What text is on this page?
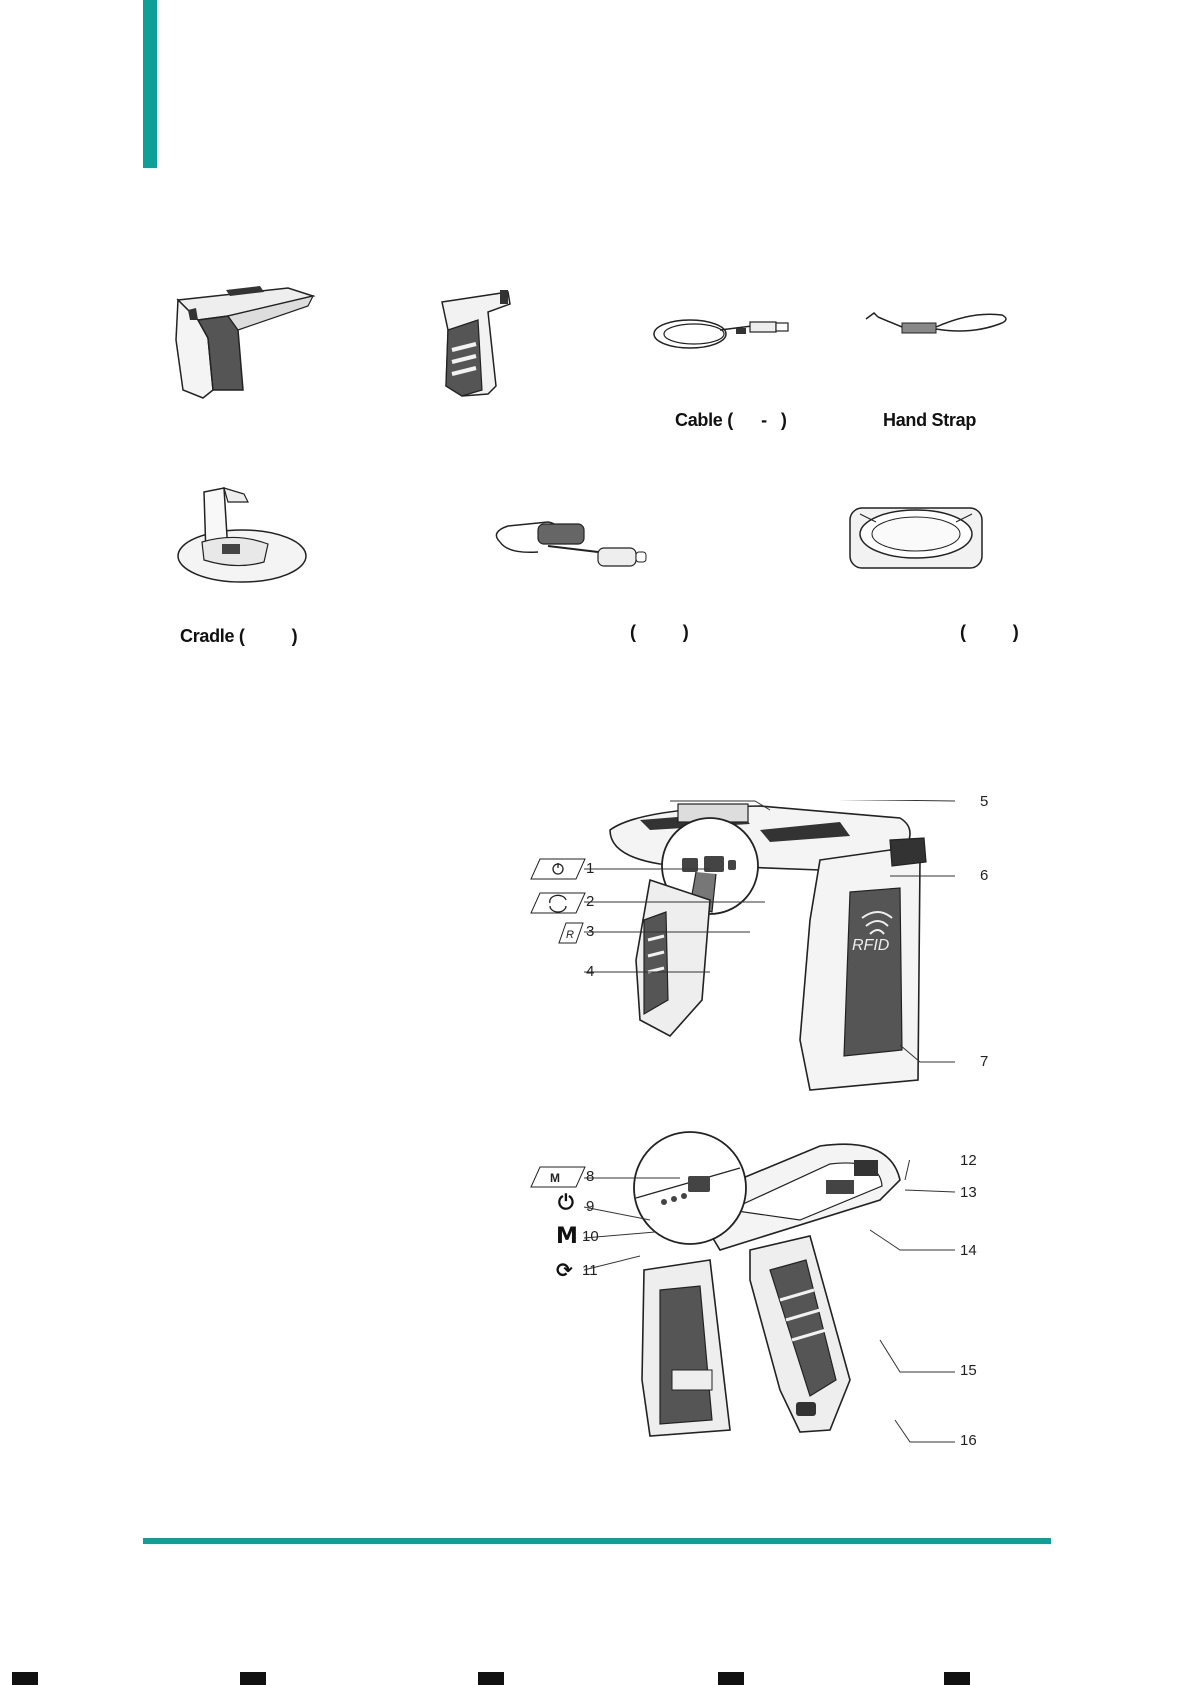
Cable (      -   )	Hand Strap
Cradle (          )	(          )	(          )
RFID
R
1
2
3
4
5
6
7
M
⏻
M
⟳
8
9
10
11
12
13
14
15
16
